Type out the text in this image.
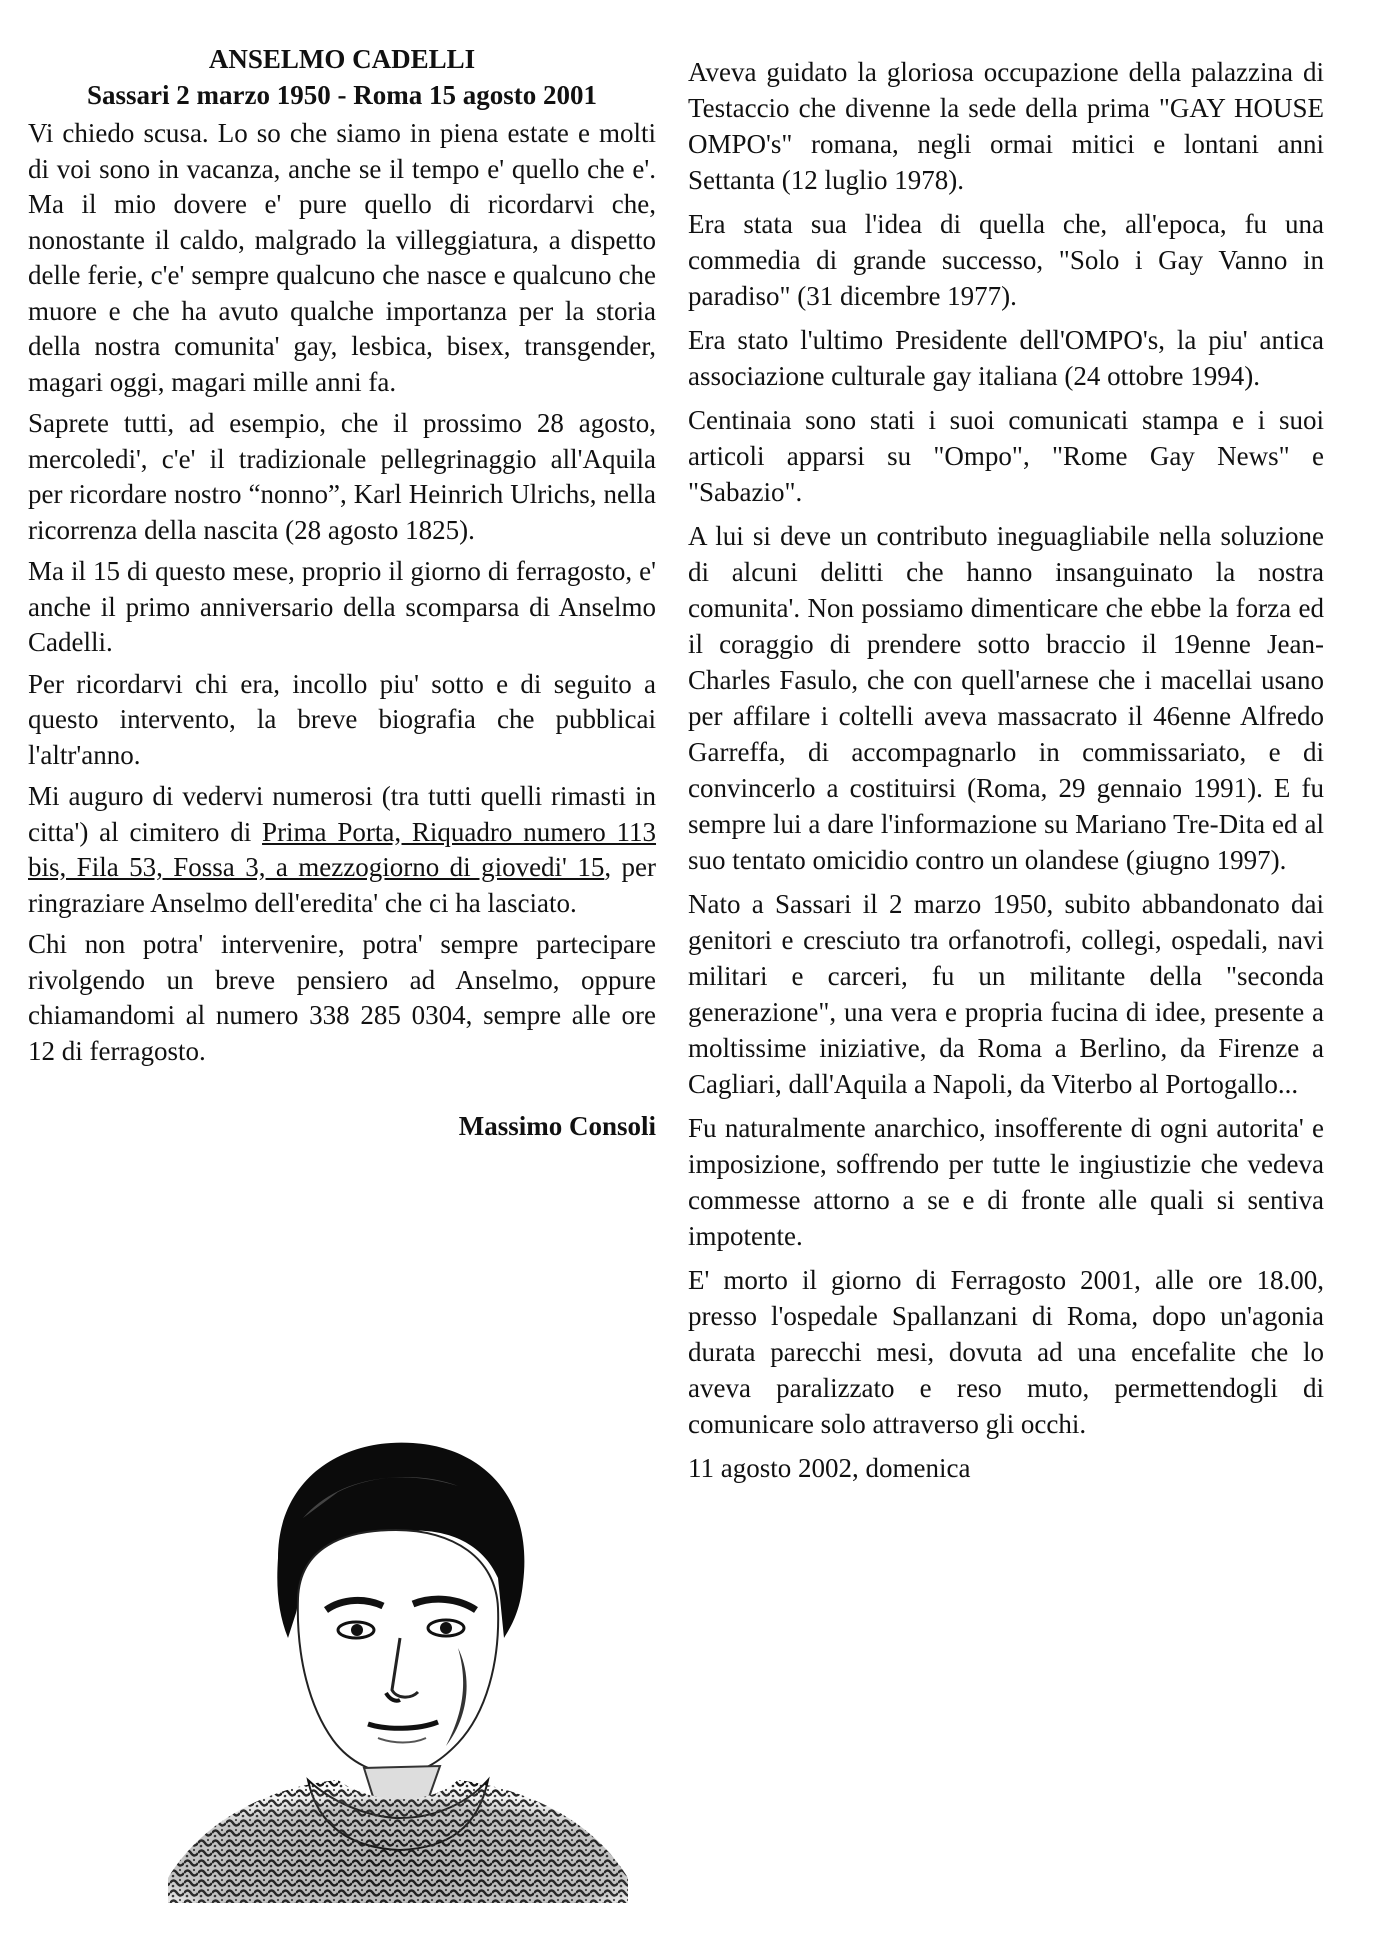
ANSELMO CADELLI

Sassari 2 marzo 1950 - Roma 15 agosto 2001

Vi chiedo scusa. Lo so che siamo in piena estate e molti di voi sono in vacanza, anche se il tempo e' quello che e'. Ma il mio dovere e' pure quello di ricordarvi che, nonostante il caldo, malgrado la villeggiatura, a dispetto delle ferie, c'e' sempre qualcuno che nasce e qualcuno che muore e che ha avuto qualche importanza per la storia della nostra comunita' gay, lesbica, bisex, transgender, magari oggi, magari mille anni fa.

Saprete tutti, ad esempio, che il prossimo 28 agosto, mercoledi', c'e' il tradizionale pellegrinaggio all'Aquila per ricordare nostro “nonno”, Karl Heinrich Ulrichs, nella ricorrenza della nascita (28 agosto 1825).

Ma il 15 di questo mese, proprio il giorno di ferragosto, e' anche il primo anniversario della scomparsa di Anselmo Cadelli.

Per ricordarvi chi era, incollo piu' sotto e di seguito a questo intervento, la breve biografia che pubblicai l'altr'anno.

Mi auguro di vedervi numerosi (tra tutti quelli rimasti in citta') al cimitero di Prima Porta, Riquadro numero 113 bis, Fila 53, Fossa 3, a mezzogiorno di giovedi' 15, per ringraziare Anselmo dell'eredita' che ci ha lasciato.

Chi non potra' intervenire, potra' sempre partecipare rivolgendo un breve pensiero ad Anselmo, oppure chiamandomi al numero 338 285 0304, sempre alle ore 12 di ferragosto.

Massimo Consoli

Aveva guidato la gloriosa occupazione della palazzina di Testaccio che divenne la sede della prima "GAY HOUSE OMPO's" romana, negli ormai mitici e lontani anni Settanta (12 luglio 1978).

Era stata sua l'idea di quella che, all'epoca, fu una commedia di grande successo, "Solo i Gay Vanno in paradiso" (31 dicembre 1977).

Era stato l'ultimo Presidente dell'OMPO's, la piu' antica associazione culturale gay italiana (24 ottobre 1994).

Centinaia sono stati i suoi comunicati stampa e i suoi articoli apparsi su "Ompo", "Rome Gay News" e "Sabazio".

A lui si deve un contributo ineguagliabile nella soluzione di alcuni delitti che hanno insanguinato la nostra comunita'. Non possiamo dimenticare che ebbe la forza ed il coraggio di prendere sotto braccio il 19enne Jean-Charles Fasulo, che con quell'arnese che i macellai usano per affilare i coltelli aveva massacrato il 46enne Alfredo Garreffa, di accompagnarlo in commissariato, e di convincerlo a costituirsi (Roma, 29 gennaio 1991). E fu sempre lui a dare l'informazione su Mariano Tre-Dita ed al suo tentato omicidio contro un olandese (giugno 1997).

Nato a Sassari il 2 marzo 1950, subito abbandonato dai genitori e cresciuto tra orfanotrofi, collegi, ospedali, navi militari e carceri, fu un militante della "seconda generazione", una vera e propria fucina di idee, presente a moltissime iniziative, da Roma a Berlino, da Firenze a Cagliari, dall'Aquila a Napoli, da Viterbo al Portogallo...

Fu naturalmente anarchico, insofferente di ogni autorita' e imposizione, soffrendo per tutte le ingiustizie che vedeva commesse attorno a se e di fronte alle quali si sentiva impotente.

E' morto il giorno di Ferragosto 2001, alle ore 18.00, presso l'ospedale Spallanzani di Roma, dopo un'agonia durata parecchi mesi, dovuta ad una encefalite che lo aveva paralizzato e reso muto, permettendogli di comunicare solo attraverso gli occhi.

11 agosto 2002, domenica
